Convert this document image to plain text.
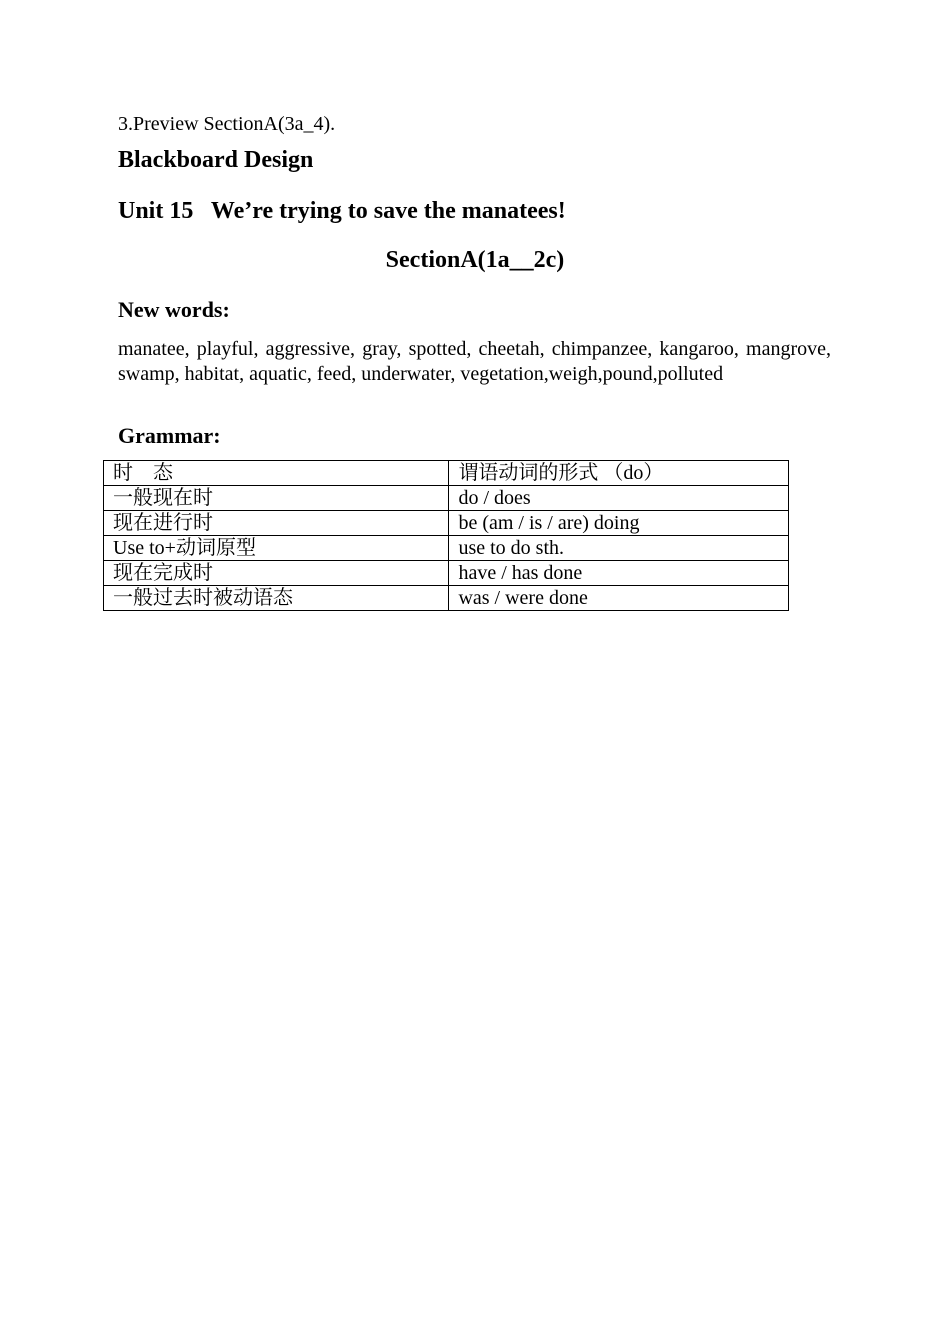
3.Preview SectionA(3a_4).
Blackboard Design
Unit 15   We’re trying to save the manatees!
SectionA(1a__2c)
New words:
manatee, playful, aggressive, gray, spotted, cheetah, chimpanzee, kangaroo, mangrove, swamp, habitat, aquatic, feed, underwater, vegetation,weigh,pound,polluted
Grammar:
时　态	谓语动词的形式 （do）
一般现在时	do / does
现在进行时	be (am / is / are) doing
Use to+动词原型	use to do sth.
现在完成时	have / has done
一般过去时被动语态	was / were done
